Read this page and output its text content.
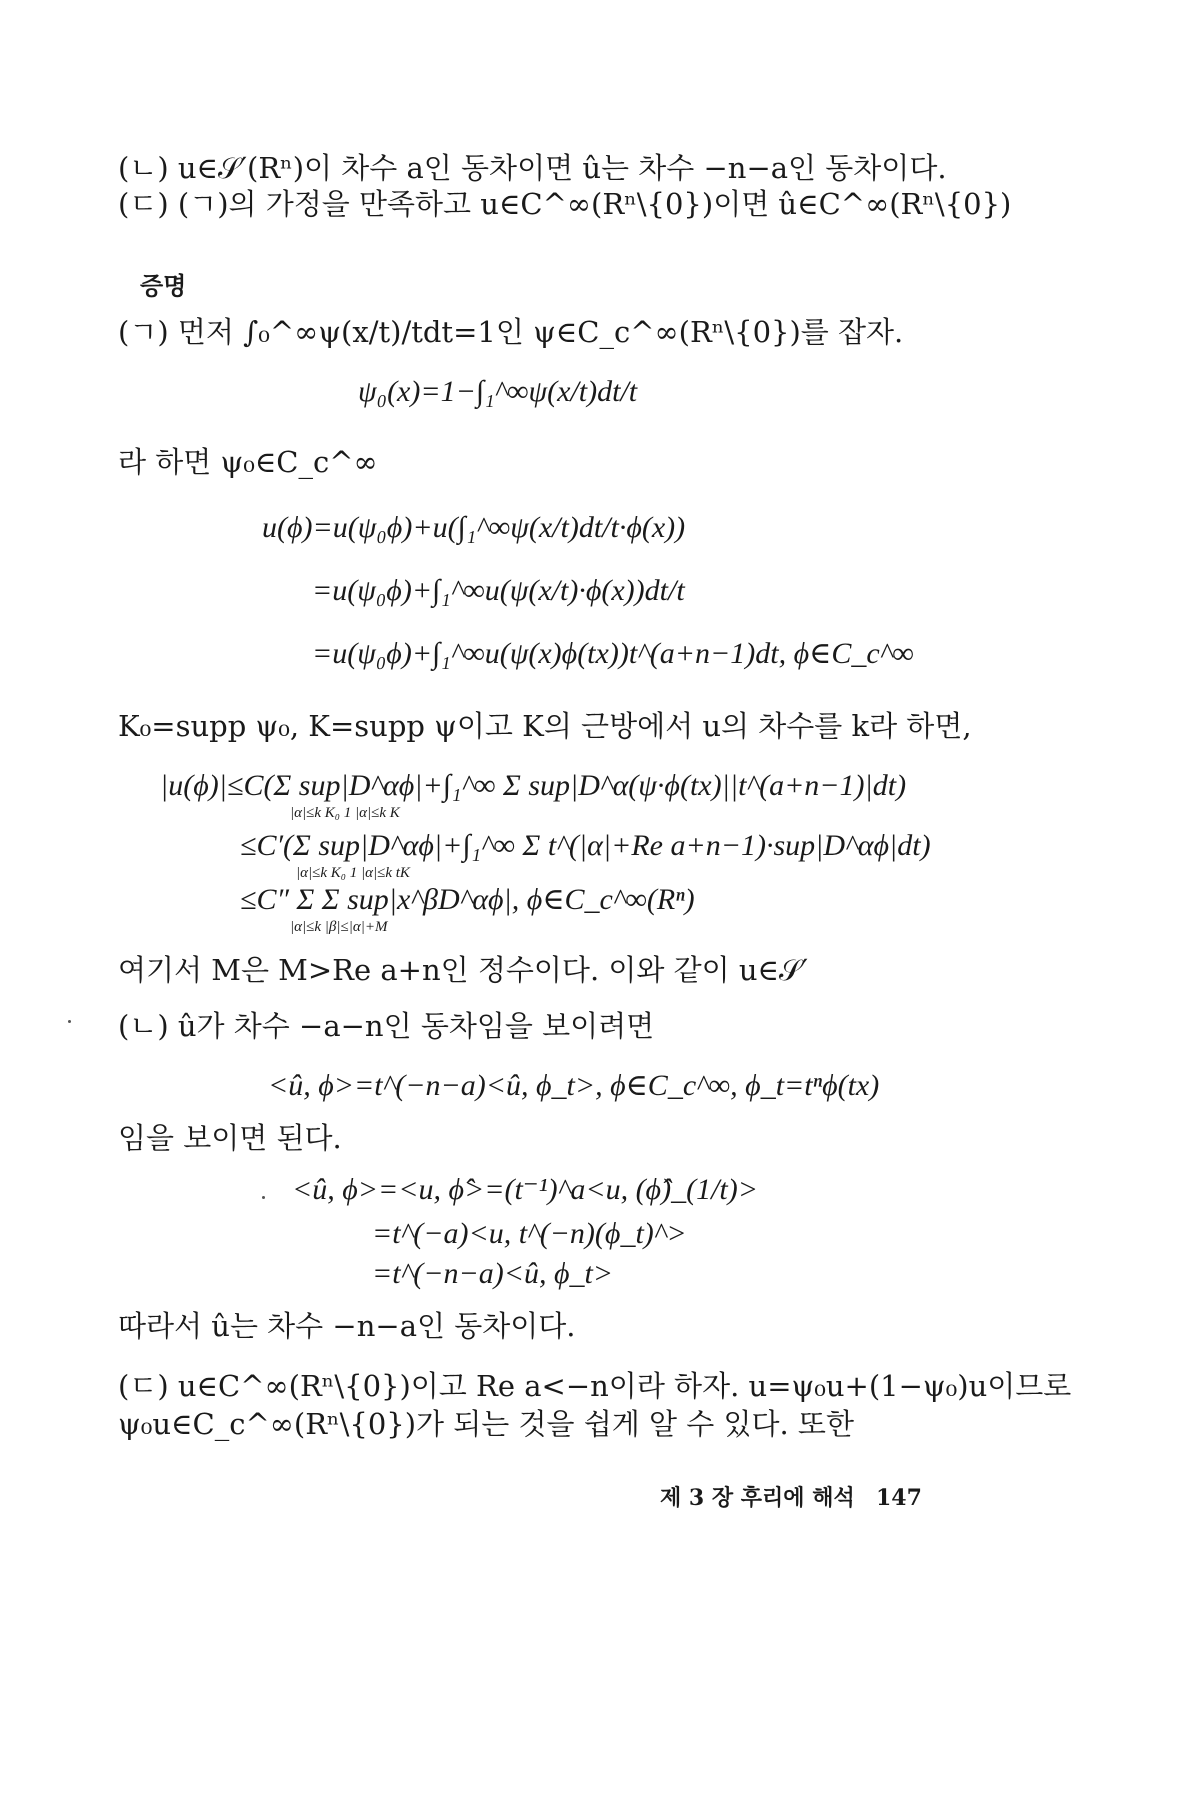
(ㄴ) u∈𝒮′(Rⁿ)이 차수 a인 동차이면 û는 차수 −n−a인 동차이다.
(ㄷ) (ㄱ)의 가정을 만족하고 u∈C^∞(Rⁿ\{0})이면 û∈C^∞(Rⁿ\{0})
증명
(ㄱ) 먼저 ∫₀^∞ψ(x/t)/tdt=1인 ψ∈C_c^∞(Rⁿ\{0})를 잡자.
ψ₀(x)=1−∫₁^∞ψ(x/t)dt/t
라 하면 ψ₀∈C_c^∞
u(ϕ)=u(ψ₀ϕ)+u(∫₁^∞ψ(x/t)dt/t·ϕ(x))
=u(ψ₀ϕ)+∫₁^∞u(ψ(x/t)·ϕ(x))dt/t
=u(ψ₀ϕ)+∫₁^∞u(ψ(x)ϕ(tx))t^(a+n−1)dt, ϕ∈C_c^∞
K₀=supp ψ₀, K=supp ψ이고 K의 근방에서 u의 차수를 k라 하면,
|u(ϕ)|≤C(Σ sup|D^αϕ|+∫₁^∞ Σ sup|D^α(ψ·ϕ(tx)||t^(a+n−1)|dt)
|α|≤k K₀ 1 |α|≤k K
≤C′(Σ sup|D^αϕ|+∫₁^∞ Σ t^(|α|+Re a+n−1)·sup|D^αϕ|dt)
|α|≤k K₀ 1 |α|≤k tK
≤C″ Σ Σ sup|x^βD^αϕ|, ϕ∈C_c^∞(Rⁿ)
|α|≤k |β|≤|α|+M
여기서 M은 M>Re a+n인 정수이다. 이와 같이 u∈𝒮′
(ㄴ) û가 차수 −a−n인 동차임을 보이려면
<û, ϕ>=t^(−n−a)<û, ϕ_t>, ϕ∈C_c^∞, ϕ_t=tⁿϕ(tx)
임을 보이면 된다.
<û, ϕ>=<u, ϕ̂>=(t⁻¹)^a<u, (ϕ̂)_(1/t)>
=t^(−a)<u, t^(−n)(ϕ_t)^>
=t^(−n−a)<û, ϕ_t>
따라서 û는 차수 −n−a인 동차이다.
(ㄷ) u∈C^∞(Rⁿ\{0})이고 Re a<−n이라 하자. u=ψ₀u+(1−ψ₀)u이므로
ψ₀u∈C_c^∞(Rⁿ\{0})가 되는 것을 쉽게 알 수 있다. 또한
제 3 장 후리에 해석 147
